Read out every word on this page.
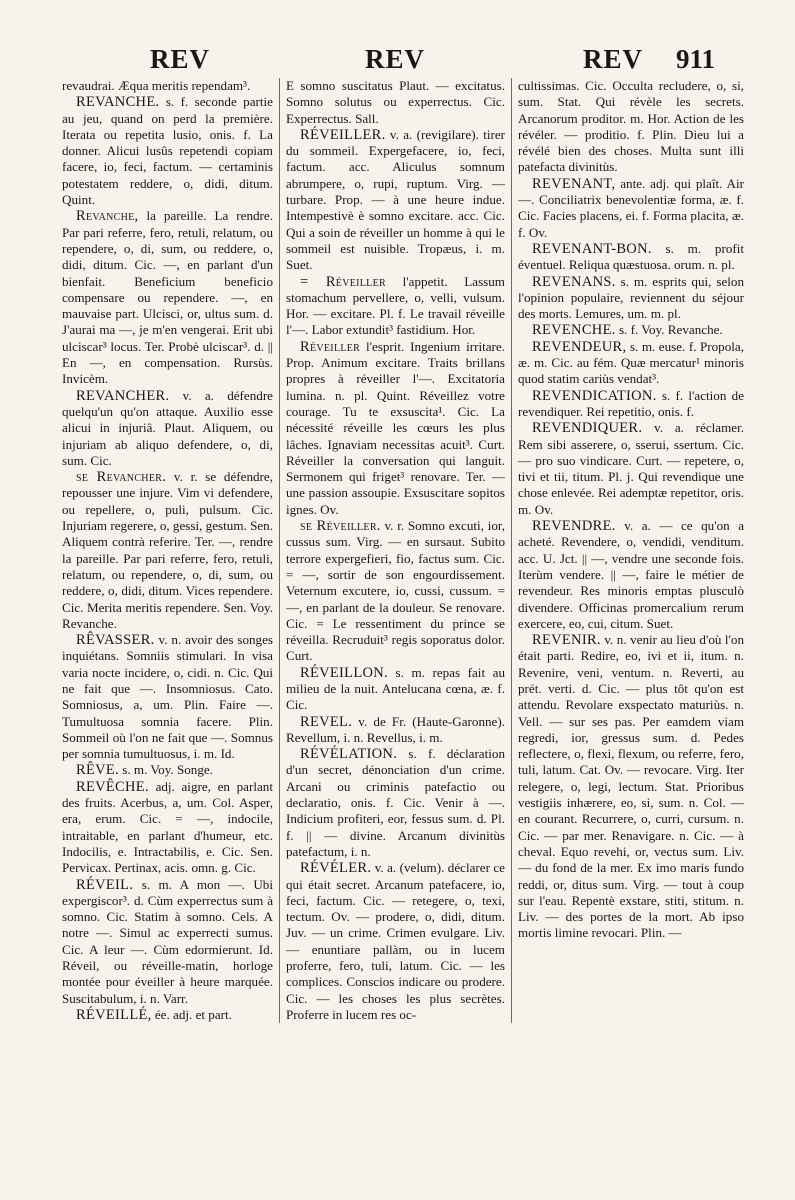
REV	REV	REV 911

revaudrai. Æqua meritis rependam³.

REVANCHE. s. f. seconde partie au jeu, quand on perd la première. Iterata ou repetita lusio, onis. f. La donner. Alicui lusûs repetendi copiam facere, io, feci, factum. — certaminis potestatem reddere, o, didi, ditum. Quint.

Revanche, la pareille. La rendre. Par pari referre, fero, retuli, relatum, ou rependere, o, di, sum, ou reddere, o, didi, ditum. Cic. —, en parlant d'un bienfait. Beneficium beneficio compensare ou rependere. —, en mauvaise part. Ulcisci, or, ultus sum. d. J'aurai ma —, je m'en vengerai. Erit ubi ulciscar³ locus. Ter. Probè ulciscar³. d. || En —, en compensation. Rursùs. Invicèm.

REVANCHER. v. a. défendre quelqu'un qu'on attaque. Auxilio esse alicui in injuriâ. Plaut. Aliquem, ou injuriam ab aliquo defendere, o, di, sum. Cic.

se Revancher. v. r. se défendre, repousser une injure. Vim vi defendere, ou repellere, o, puli, pulsum. Cic. Injuriam regerere, o, gessi, gestum. Sen. Aliquem contrà referire. Ter. —, rendre la pareille. Par pari referre, fero, retuli, relatum, ou rependere, o, di, sum, ou reddere, o, didi, ditum. Vices rependere. Cic. Merita meritis rependere. Sen. Voy. Revanche.

RÊVASSER. v. n. avoir des songes inquiétans. Somniis stimulari. In visa varia nocte incidere, o, cidi. n. Cic. Qui ne fait que —. Insomniosus. Cato. Somniosus, a, um. Plin. Faire —. Tumultuosa somnia facere. Plin. Sommeil où l'on ne fait que —. Somnus per somnia tumultuosus, i. m. Id.

RÊVE. s. m. Voy. Songe.

REVÊCHE. adj. aigre, en parlant des fruits. Acerbus, a, um. Col. Asper, era, erum. Cic. = —, indocile, intraitable, en parlant d'humeur, etc. Indocilis, e. Intractabilis, e. Cic. Sen. Pervicax. Pertinax, acis. omn. g. Cic.

RÉVEIL. s. m. A mon —. Ubi expergiscor³. d. Cùm experrectus sum à somno. Cic. Statim à somno. Cels. A notre —. Simul ac experrecti sumus. Cic. A leur —. Cùm edormierunt. Id. Réveil, ou réveille-matin, horloge montée pour éveiller à heure marquée. Suscitabulum, i. n. Varr.

RÉVEILLÉ, ée. adj. et part.

E somno suscitatus Plaut. — excitatus. Somno solutus ou experrectus. Cic. Experrectus. Sall.

RÉVEILLER. v. a. (revigilare). tirer du sommeil. Expergefacere, io, feci, factum. acc. Aliculus somnum abrumpere, o, rupi, ruptum. Virg. — turbare. Prop. — à une heure indue. Intempestivè è somno excitare. acc. Cic. Qui a soin de réveiller un homme à qui le sommeil est nuisible. Tropæus, i. m. Suet.

= Réveiller l'appetit. Lassum stomachum pervellere, o, velli, vulsum. Hor. — excitare. Pl. f. Le travail réveille l'—. Labor extundit³ fastidium. Hor.

Réveiller l'esprit. Ingenium irritare. Prop. Animum excitare. Traits brillans propres à réveiller l'—. Excitatoria lumina. n. pl. Quint. Réveillez votre courage. Tu te exsuscita¹. Cic. La nécessité réveille les cœurs les plus lâches. Ignaviam necessitas acuit³. Curt. Réveiller la conversation qui languit. Sermonem qui friget³ renovare. Ter. — une passion assoupie. Exsuscitare sopitos ignes. Ov.

se Réveiller. v. r. Somno excuti, ior, cussus sum. Virg. — en sursaut. Subito terrore expergefieri, fio, factus sum. Cic. = —, sortir de son engourdissement. Veternum excutere, io, cussi, cussum. = —, en parlant de la douleur. Se renovare. Cic. = Le ressentiment du prince se réveilla. Recruduit³ regis soporatus dolor. Curt.

RÉVEILLON. s. m. repas fait au milieu de la nuit. Antelucana cœna, æ. f. Cic.

REVEL. v. de Fr. (Haute-Garonne). Revellum, i. n. Revellus, i. m.

RÉVÉLATION. s. f. déclaration d'un secret, dénonciation d'un crime. Arcani ou criminis patefactio ou declaratio, onis. f. Cic. Venir à —. Indicium profiteri, eor, fessus sum. d. Pl. f. || — divine. Arcanum divinitùs patefactum, i. n.

RÉVÉLER. v. a. (velum). déclarer ce qui était secret. Arcanum patefacere, io, feci, factum. Cic. — retegere, o, texi, tectum. Ov. — prodere, o, didi, ditum. Juv. — un crime. Crimen evulgare. Liv. — enuntiare pallàm, ou in lucem proferre, fero, tuli, latum. Cic. — les complices. Conscios indicare ou prodere. Cic. — les choses les plus secrètes. Proferre in lucem res oc-

cultissimas. Cic. Occulta recludere, o, si, sum. Stat. Qui révèle les secrets. Arcanorum proditor. m. Hor. Action de les révéler. — proditio. f. Plin. Dieu lui a révélé bien des choses. Multa sunt illi patefacta divinitùs.

REVENANT, ante. adj. qui plaît. Air —. Conciliatrix benevolentiæ forma, æ. f. Cic. Facies placens, ei. f. Forma placita, æ. f. Ov.

REVENANT-BON. s. m. profit éventuel. Reliqua quæstuosa. orum. n. pl.

REVENANS. s. m. esprits qui, selon l'opinion populaire, reviennent du séjour des morts. Lemures, um. m. pl.

REVENCHE. s. f. Voy. Revanche.

REVENDEUR, s. m. euse. f. Propola, æ. m. Cic. au fém. Quæ mercatur¹ minoris quod statim cariùs vendat³.

REVENDICATION. s. f. l'action de revendiquer. Rei repetitio, onis. f.

REVENDIQUER. v. a. réclamer. Rem sibi asserere, o, sserui, ssertum. Cic. — pro suo vindicare. Curt. — repetere, o, tivi et tii, titum. Pl. j. Qui revendique une chose enlevée. Rei ademptæ repetitor, oris. m. Ov.

REVENDRE. v. a. — ce qu'on a acheté. Revendere, o, vendidi, venditum. acc. U. Jct. || —, vendre une seconde fois. Iterùm vendere. || —, faire le métier de revendeur. Res minoris emptas plusculò divendere. Officinas promercalium rerum exercere, eo, cui, citum. Suet.

REVENIR. v. n. venir au lieu d'où l'on était parti. Redire, eo, ivi et ii, itum. n. Revenire, veni, ventum. n. Reverti, au prét. verti. d. Cic. — plus tôt qu'on est attendu. Revolare exspectato maturiùs. n. Vell. — sur ses pas. Per eamdem viam regredi, ior, gressus sum. d. Pedes reflectere, o, flexi, flexum, ou referre, fero, tuli, latum. Cat. Ov. — revocare. Virg. Iter relegere, o, legi, lectum. Stat. Prioribus vestigiis inhærere, eo, si, sum. n. Col. — en courant. Recurrere, o, curri, cursum. n. Cic. — par mer. Renavigare. n. Cic. — à cheval. Equo revehi, or, vectus sum. Liv. — du fond de la mer. Ex imo maris fundo reddi, or, ditus sum. Virg. — tout à coup sur l'eau. Repentè exstare, stiti, stitum. n. Liv. — des portes de la mort. Ab ipso mortis limine revocari. Plin. —
